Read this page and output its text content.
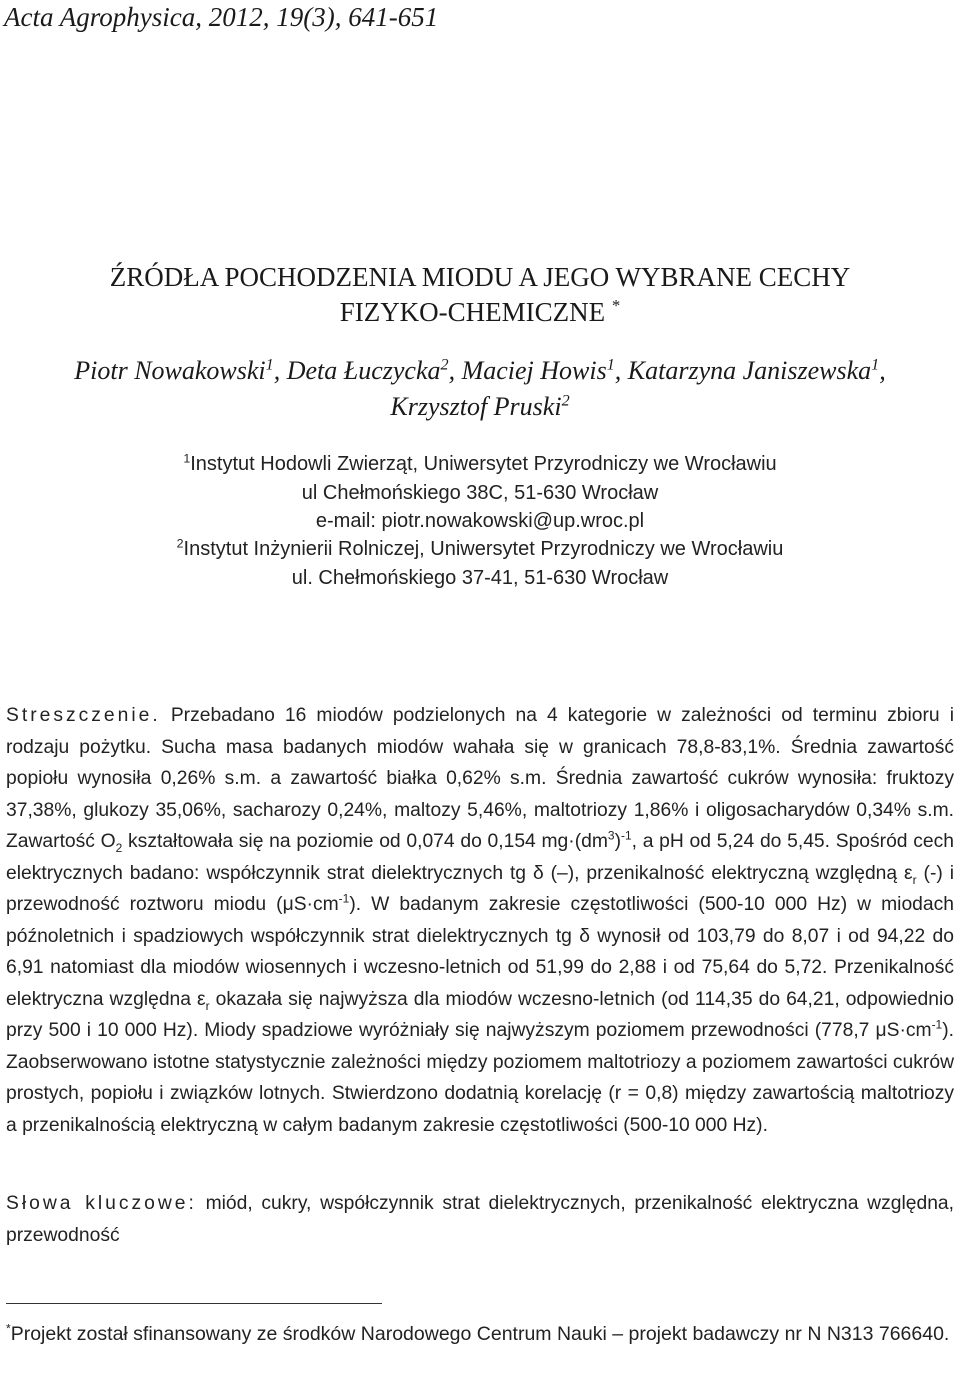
Acta Agrophysica, 2012, 19(3), 641-651
ŹRÓDŁA POCHODZENIA MIODU A JEGO WYBRANE CECHY
FIZYKO-CHEMICZNE *
Piotr Nowakowski$^1$, Deta Łuczycka$^2$, Maciej Howis$^1$, Katarzyna Janiszewska$^1$,
Krzysztof Pruski$^2$
$^1$Instytut Hodowli Zwierząt, Uniwersytet Przyrodniczy we Wrocławiu
ul Chełmońskiego 38C, 51-630 Wrocław
e-mail: piotr.nowakowski@up.wroc.pl
$^2$Instytut Inżynierii Rolniczej, Uniwersytet Przyrodniczy we Wrocławiu
ul. Chełmońskiego 37-41, 51-630 Wrocław
Streszczenie. Przebadano 16 miodów podzielonych na 4 kategorie w zależności od terminu zbioru i rodzaju pożytku. Sucha masa badanych miodów wahała się w granicach 78,8-83,1%. Średnia zawartość popiołu wynosiła 0,26% s.m. a zawartość białka 0,62% s.m. Średnia zawartość cukrów wynosiła: fruktozy 37,38%, glukozy 35,06%, sacharozy 0,24%, maltozy 5,46%, maltotriozy 1,86% i oligosacharydów 0,34% s.m. Zawartość $O_2$ kształtowała się na poziomie od 0,074 do 0,154 $mg\cdot(dm^3)^{-1}$, a pH od 5,24 do 5,45. Spośród cech elektrycznych badano: współczynnik strat dielektrycznych tg δ (–), przenikalność elektryczną względną $\varepsilon_r$ (-) i przewodność roztworu miodu $(\mu S\cdot cm^{-1})$. W badanym zakresie częstotliwości (500-10 000 Hz) w miodach późnoletnich i spadziowych współczynnik strat dielektrycznych tg δ wynosił od 103,79 do 8,07 i od 94,22 do 6,91 natomiast dla miodów wiosennych i wczesno-letnich od 51,99 do 2,88 i od 75,64 do 5,72. Przenikalność elektryczna względna $\varepsilon_r$ okazała się najwyższa dla miodów wczesno-letnich (od 114,35 do 64,21, odpowiednio przy 500 i 10 000 Hz). Miody spadziowe wyróżniały się najwyższym poziomem przewodności (778,7 $\mu S\cdot cm^{-1}$). Zaobserwowano istotne statystycznie zależności między poziomem maltotriozy a poziomem zawartości cukrów prostych, popiołu i związków lotnych. Stwierdzono dodatnią korelację (r = 0,8) między zawartością maltotriozy a przenikalnością elektryczną w całym badanym zakresie częstotliwości (500-10 000 Hz).
Słowa kluczowe: miód, cukry, współczynnik strat dielektrycznych, przenikalność elektryczna względna, przewodność
*Projekt został sfinansowany ze środków Narodowego Centrum Nauki – projekt badawczy nr N N313 766640.
